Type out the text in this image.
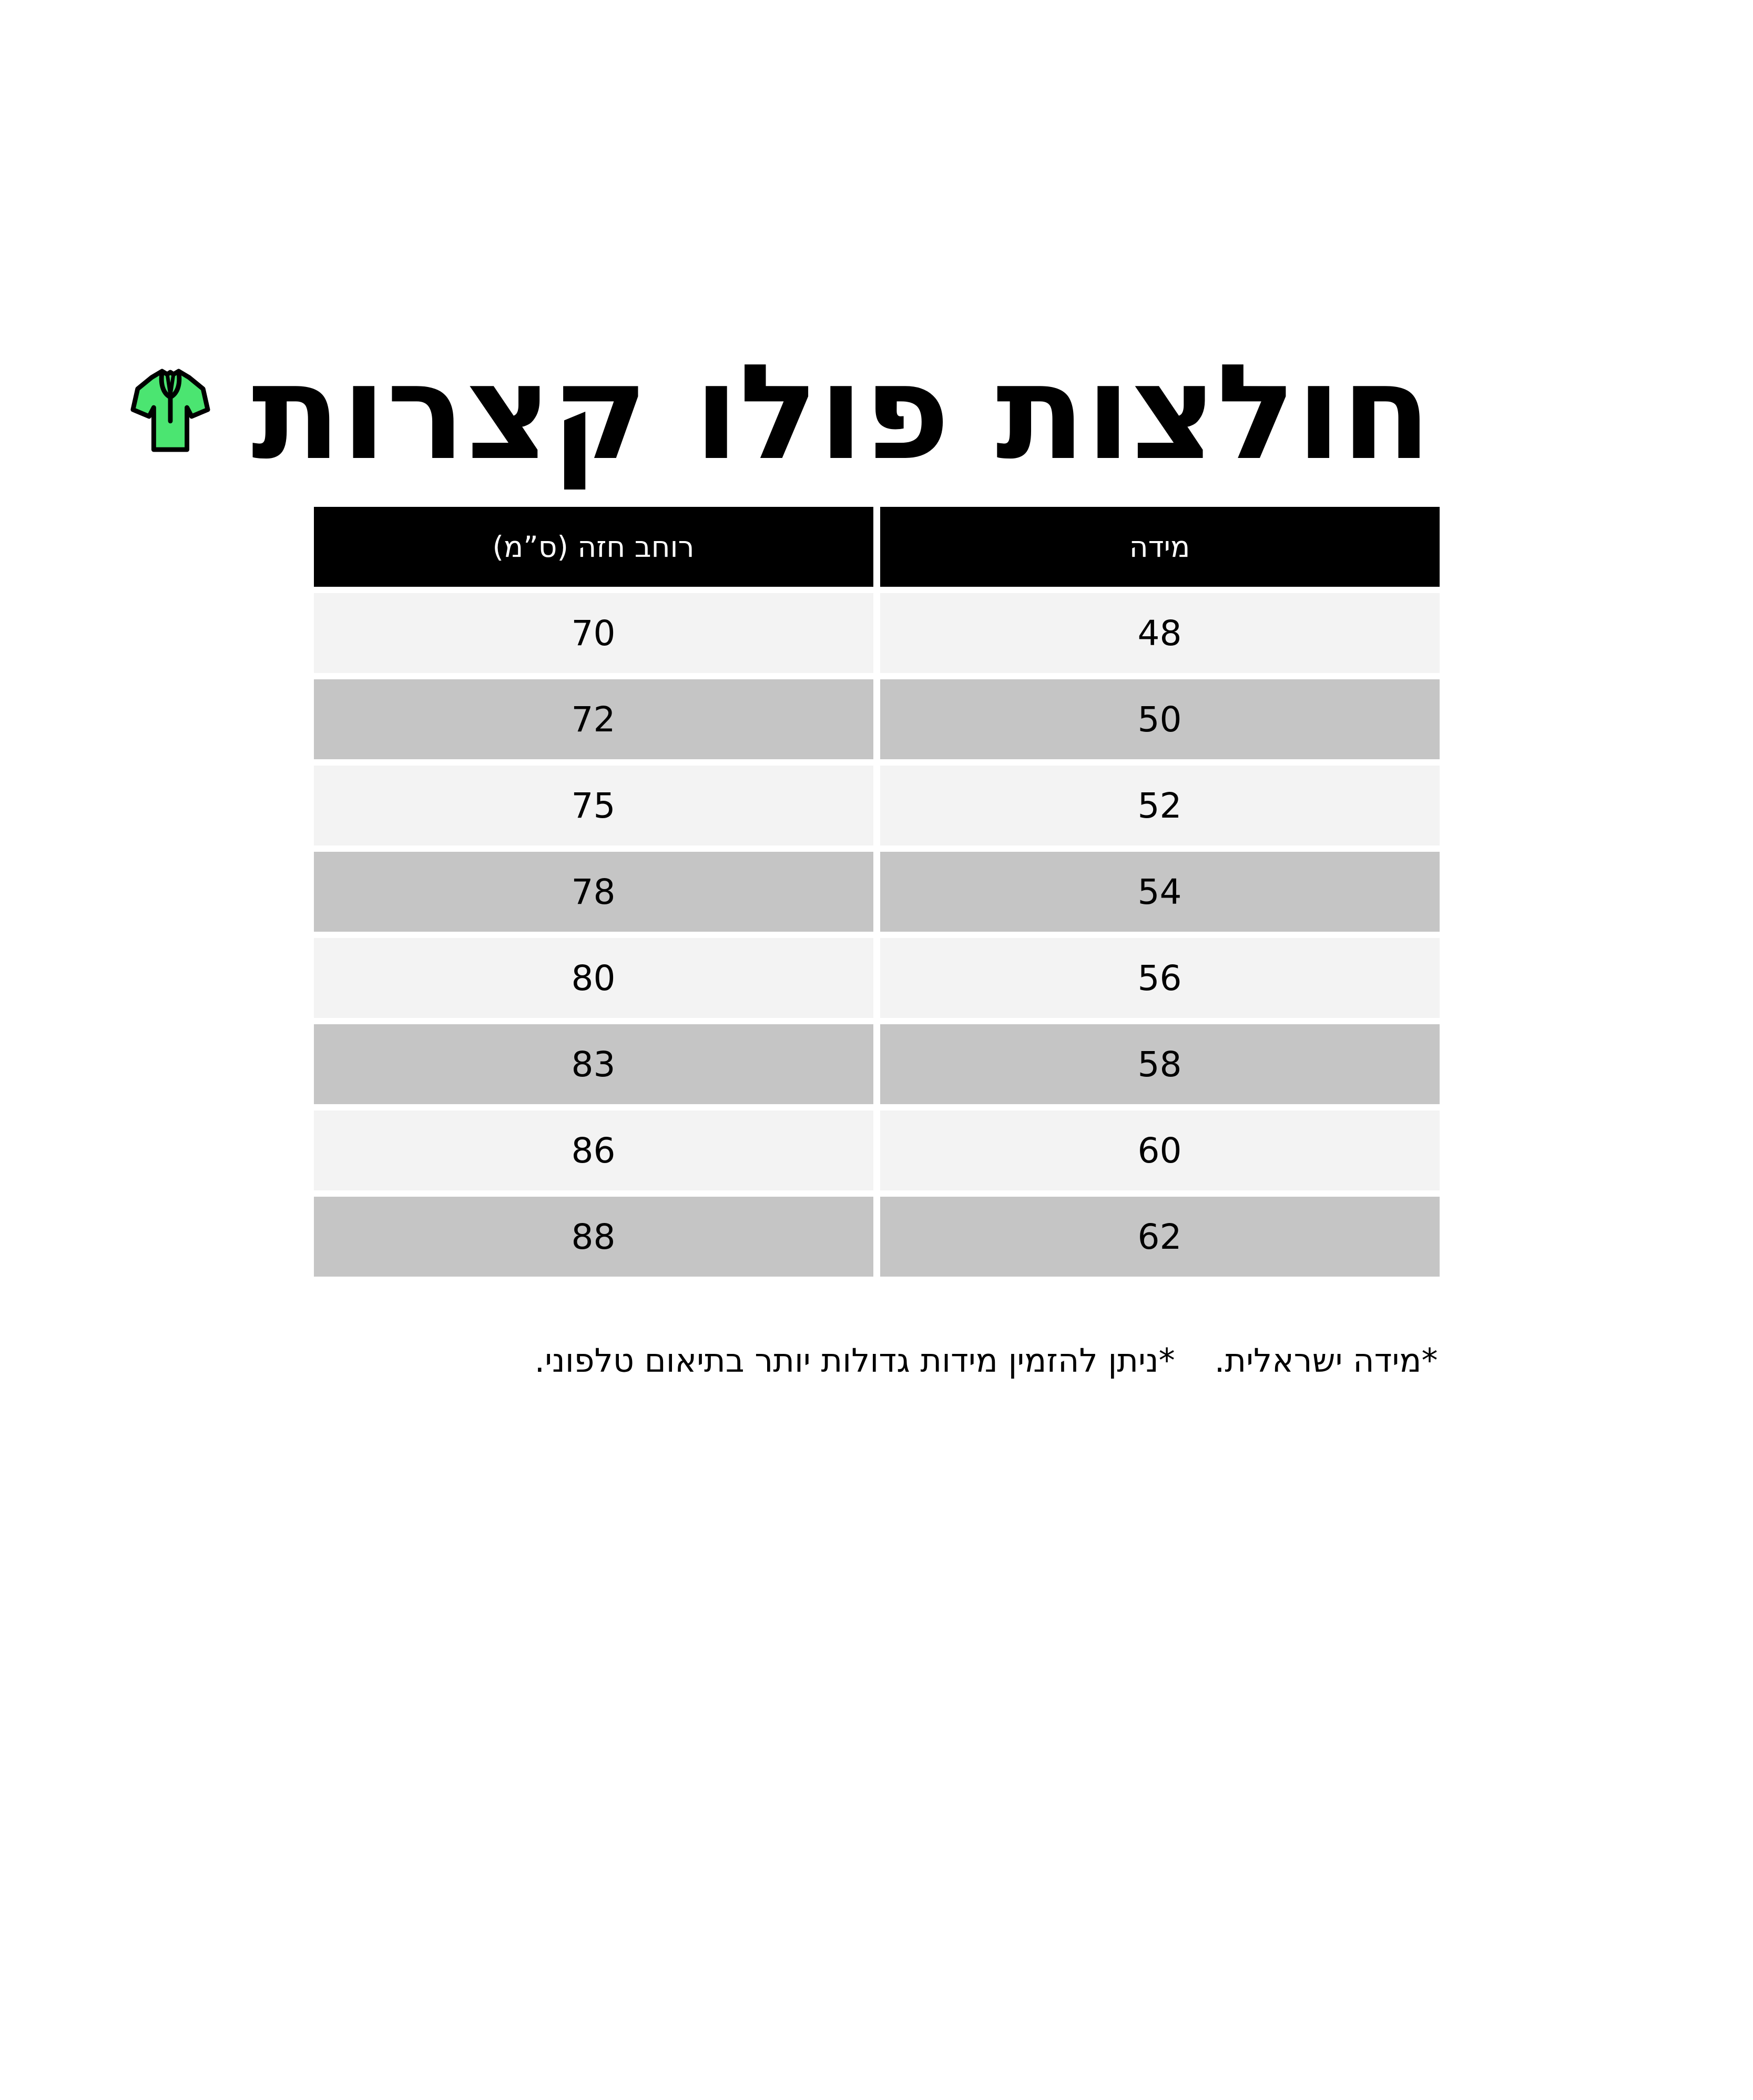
חולצות פולו קצרות
מידה
רוחב חזה (ס”מ)
48
70
50
72
52
75
54
78
56
80
58
83
60
86
62
88
*מידה ישראלית.
*ניתן להזמין מידות גדולות יותר בתיאום טלפוני.
